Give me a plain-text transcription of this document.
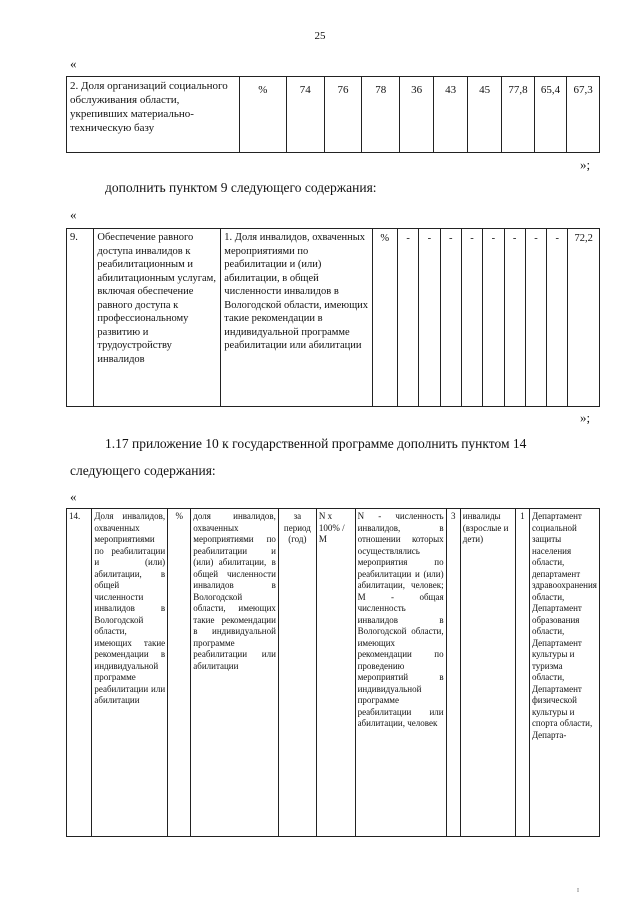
25
«
2. Доля организаций социального обслуживания области, укрепивших материально-техническую базу	%	74	76	78	36	43	45	77,8	65,4	67,3
»;
дополнить пунктом 9 следующего содержания:
«
9.	Обеспечение равного доступа инвалидов к реабилитационным и абилитационным услугам, включая обеспечение равного доступа к профессиональному развитию и трудоустройству инвалидов	1. Доля инвалидов, охваченных мероприятиями по реабилитации и (или) абилитации, в общей численности инвалидов в Вологодской области, имеющих такие рекомендации в индивидуальной программе реабилитации или абилитации	%	-	-	-	-	-	-	-	-	72,2
»;
1.17 приложение 10 к государственной программе дополнить пунктом 14
следующего содержания:
«
14.	Доля инвалидов, охваченных мероприятиями по реабилитации и (или) абилитации, в общей численности инвалидов в Вологодской области, имеющих такие рекомендации в индивидуальной программе реабилитации или абилитации	%	доля инвалидов, охваченных мероприятиями по реабилитации и (или) абилитации, в общей численности инвалидов в Вологодской области, имеющих такие рекомендации в индивидуальной программе реабилитации или абилитации	за период (год)	N x 100% / M	N - численность инвалидов, в отношении которых осуществлялись мероприятия по реабилитации и (или) абилитации, человек; M - общая численность инвалидов в Вологодской области, имеющих рекомендации по проведению мероприятий в индивидуальной программе реабилитации или абилитации, человек	3	инвалиды (взрослые и дети)	1	Департамент социальной защиты населения области, департамент здравоохранения области, Департамент образования области, Департамент культуры и туризма области, Департамент физической культуры и спорта области, Департа-
I
